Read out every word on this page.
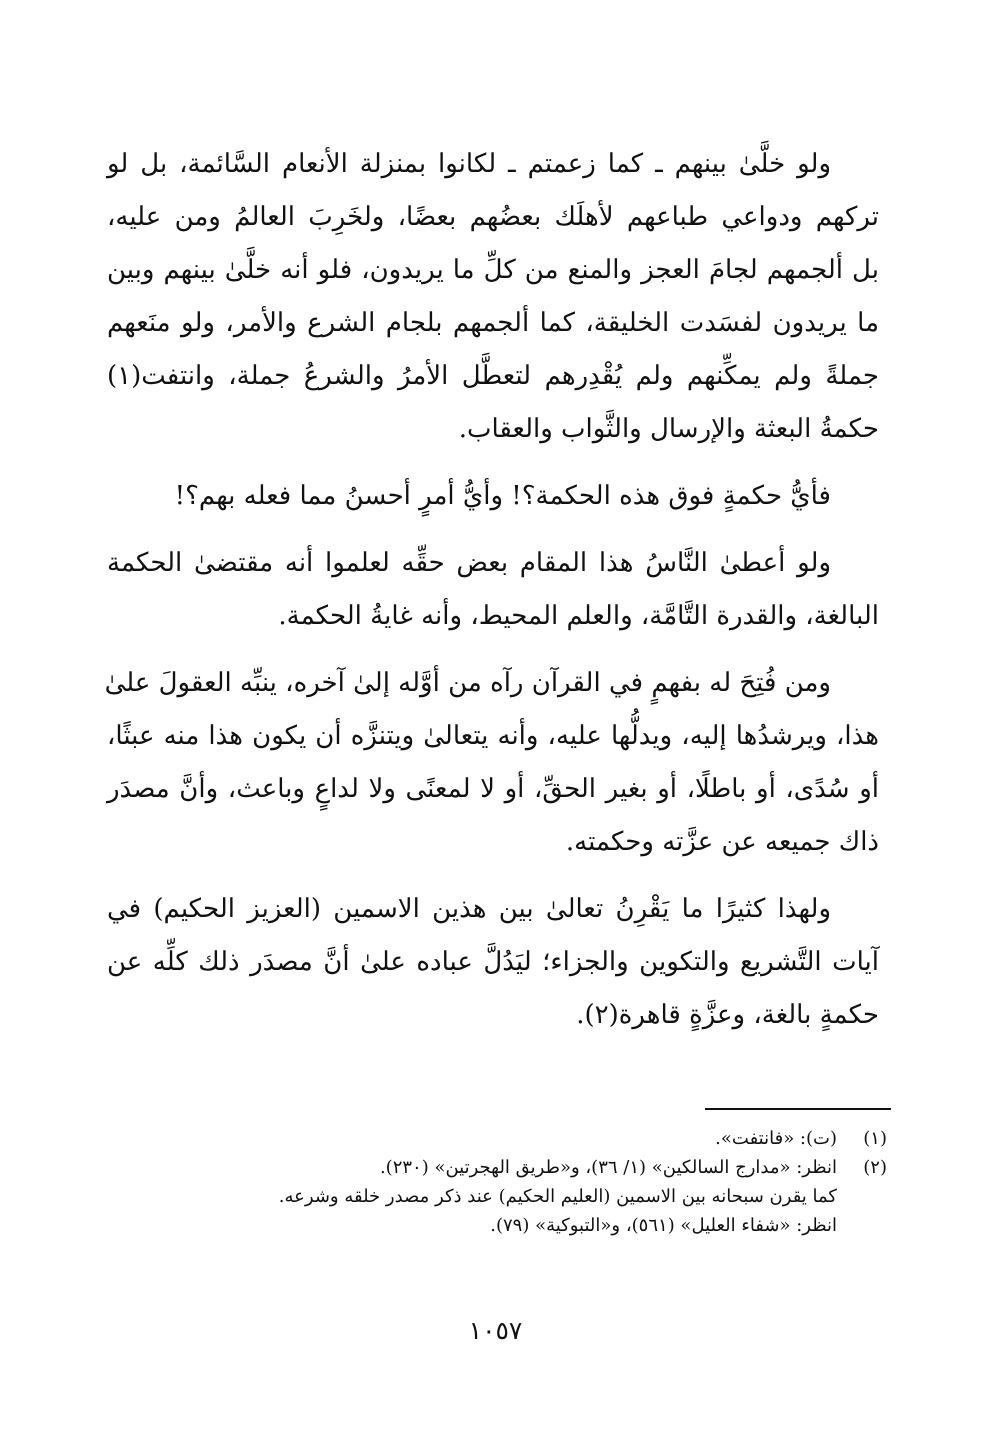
ولو خلَّىٰ بينهم ـ كما زعمتم ـ لكانوا بمنزلة الأنعام السَّائمة، بل لو
تركهم ودواعي طباعهم لأهلَك بعضُهم بعضًا، ولخَرِبَ العالمُ ومن عليه،
بل ألجمهم لجامَ العجز والمنع من كلِّ ما يريدون، فلو أنه خلَّىٰ بينهم وبين
ما يريدون لفسَدت الخليقة، كما ألجمهم بلجام الشرع والأمر، ولو منَعهم
جملةً ولم يمكِّنهم ولم يُقْدِرهم لتعطَّل الأمرُ والشرعُ جملة، وانتفت(١)
حكمةُ البعثة والإرسال والثَّواب والعقاب.
فأيُّ حكمةٍ فوق هذه الحكمة؟! وأيُّ أمرٍ أحسنُ مما فعله بهم؟!
ولو أعطىٰ النَّاسُ هذا المقام بعض حقِّه لعلموا أنه مقتضىٰ الحكمة
البالغة، والقدرة التَّامَّة، والعلم المحيط، وأنه غايةُ الحكمة.
ومن فُتِحَ له بفهمٍ في القرآن رآه من أوَّله إلىٰ آخره، ينبِّه العقولَ علىٰ
هذا، ويرشدُها إليه، ويدلُّها عليه، وأنه يتعالىٰ ويتنزَّه أن يكون هذا منه عبثًا،
أو سُدًى، أو باطلًا، أو بغير الحقِّ، أو لا لمعنًى ولا لداعٍ وباعث، وأنَّ مصدَر
ذاك جميعه عن عزَّته وحكمته.
ولهذا كثيرًا ما يَقْرِنُ تعالىٰ بين هذين الاسمين (العزيز الحكيم) في
آيات التَّشريع والتكوين والجزاء؛ ليَدُلَّ عباده علىٰ أنَّ مصدَر ذلك كلِّه عن
حكمةٍ بالغة، وعزَّةٍ قاهرة(٢).
(١)(ت): «فانتفت».
(٢)انظر: «مدارج السالكين» (١/ ٣٦)، و«طريق الهجرتين» (٢٣٠).
كما يقرن سبحانه بين الاسمين (العليم الحكيم) عند ذكر مصدر خلقه وشرعه.
انظر: «شفاء العليل» (٥٦١)، و«التبوكية» (٧٩).
١٠٥٧
